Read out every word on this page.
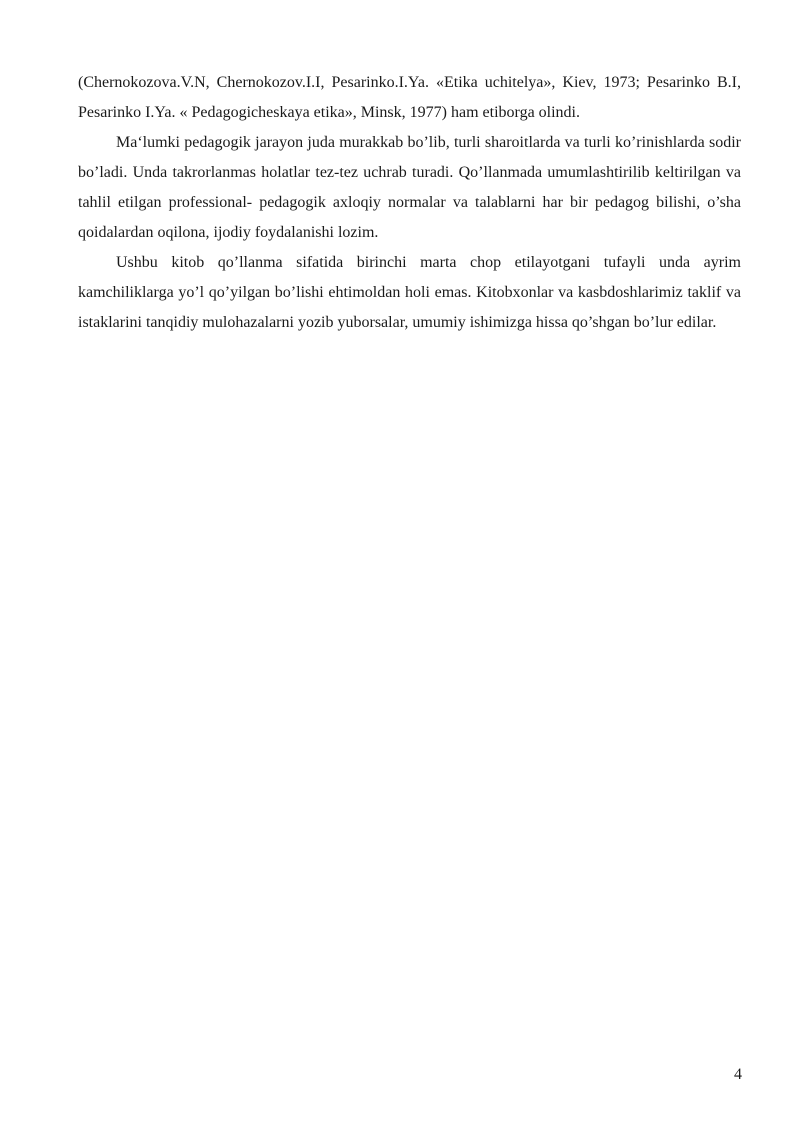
(Chernokozova.V.N, Chernokozov.I.I, Pesarinko.I.Ya. «Etika uchitelya», Kiev, 1973; Pesarinko B.I, Pesarinko I.Ya. « Pedagogicheskaya etika», Minsk, 1977) ham etiborga olindi.

Ma‘lumki pedagogik jarayon juda murakkab bo’lib, turli sharoitlarda va turli ko’rinishlarda sodir bo’ladi. Unda takrorlanmas holatlar tez-tez uchrab turadi. Qo’llanmada umumlashtirilib keltirilgan va tahlil etilgan professional- pedagogik axloqiy normalar va talablarni har bir pedagog bilishi, o’sha qoidalardan oqilona, ijodiy foydalanishi lozim.

Ushbu kitob qo’llanma sifatida birinchi marta chop etilayotgani tufayli unda ayrim kamchiliklarga yo’l qo’yilgan bo’lishi ehtimoldan holi emas. Kitobxonlar va kasbdoshlarimiz taklif va istaklarini tanqidiy mulohazalarni yozib yuborsalar, umumiy ishimizga hissa qo’shgan bo’lur edilar.

4
